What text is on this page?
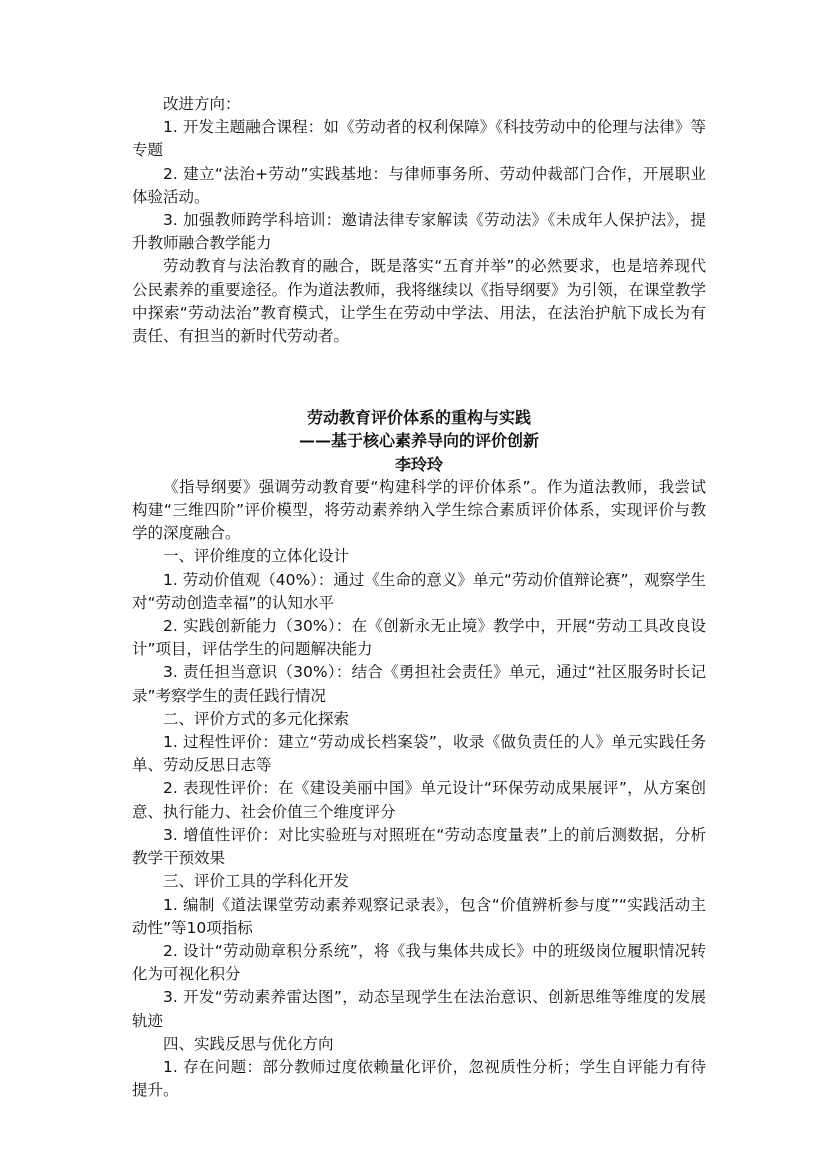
改进方向：

1. 开发主题融合课程：如《劳动者的权利保障》《科技劳动中的伦理与法律》等专题

2. 建立“法治+劳动”实践基地：与律师事务所、劳动仲裁部门合作，开展职业体验活动。

3. 加强教师跨学科培训：邀请法律专家解读《劳动法》《未成年人保护法》，提升教师融合教学能力

劳动教育与法治教育的融合，既是落实“五育并举”的必然要求，也是培养现代公民素养的重要途径。作为道法教师，我将继续以《指导纲要》为引领，在课堂教学中探索“劳动法治”教育模式，让学生在劳动中学法、用法，在法治护航下成长为有责任、有担当的新时代劳动者。

劳动教育评价体系的重构与实践

——基于核心素养导向的评价创新

李玲玲

《指导纲要》强调劳动教育要“构建科学的评价体系”。作为道法教师，我尝试构建“三维四阶”评价模型，将劳动素养纳入学生综合素质评价体系，实现评价与教学的深度融合。

一、评价维度的立体化设计

1. 劳动价值观（40%）：通过《生命的意义》单元“劳动价值辩论赛”，观察学生对“劳动创造幸福”的认知水平

2. 实践创新能力（30%）：在《创新永无止境》教学中，开展“劳动工具改良设计”项目，评估学生的问题解决能力

3. 责任担当意识（30%）：结合《勇担社会责任》单元，通过“社区服务时长记录”考察学生的责任践行情况

二、评价方式的多元化探索

1. 过程性评价：建立“劳动成长档案袋”，收录《做负责任的人》单元实践任务单、劳动反思日志等

2. 表现性评价：在《建设美丽中国》单元设计“环保劳动成果展评”，从方案创意、执行能力、社会价值三个维度评分

3. 增值性评价：对比实验班与对照班在“劳动态度量表”上的前后测数据，分析教学干预效果

三、评价工具的学科化开发

1. 编制《道法课堂劳动素养观察记录表》，包含“价值辨析参与度”“实践活动主动性”等10项指标

2. 设计“劳动勋章积分系统”，将《我与集体共成长》中的班级岗位履职情况转化为可视化积分

3. 开发“劳动素养雷达图”，动态呈现学生在法治意识、创新思维等维度的发展轨迹

四、实践反思与优化方向

1. 存在问题：部分教师过度依赖量化评价，忽视质性分析；学生自评能力有待提升。
